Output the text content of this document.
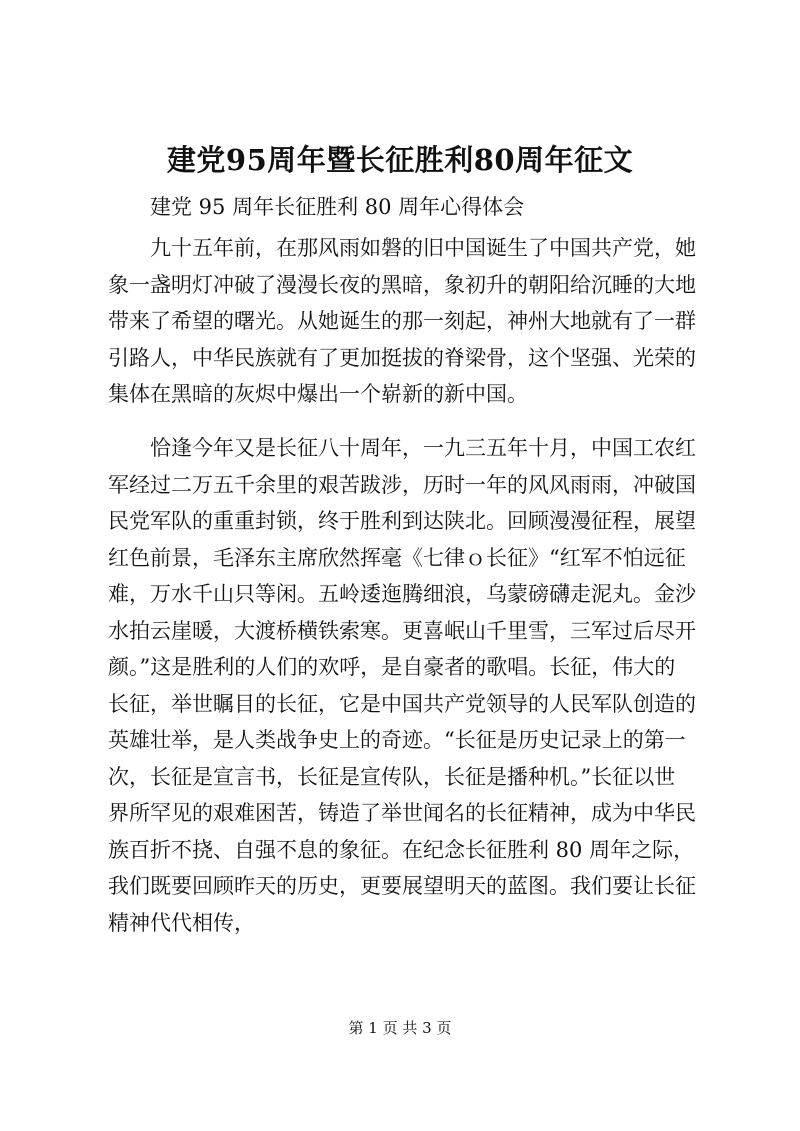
建党95周年暨长征胜利80周年征文

建党 95 周年长征胜利 80 周年心得体会

　　九十五年前，在那风雨如磐的旧中国诞生了中国共产党，她
象一盏明灯冲破了漫漫长夜的黑暗，象初升的朝阳给沉睡的大地
带来了希望的曙光。从她诞生的那一刻起，神州大地就有了一群
引路人，中华民族就有了更加挺拔的脊梁骨，这个坚强、光荣的
集体在黑暗的灰烬中爆出一个崭新的新中国。

　　恰逢今年又是长征八十周年，一九三五年十月，中国工农红
军经过二万五千余里的艰苦跋涉，历时一年的风风雨雨，冲破国
民党军队的重重封锁，终于胜利到达陕北。回顾漫漫征程，展望
红色前景，毛泽东主席欣然挥毫《七律ｏ长征》“红军不怕远征
难，万水千山只等闲。五岭逶迤腾细浪，乌蒙磅礴走泥丸。金沙
水拍云崖暖，大渡桥横铁索寒。更喜岷山千里雪，三军过后尽开
颜。”这是胜利的人们的欢呼，是自豪者的歌唱。长征，伟大的
长征，举世瞩目的长征，它是中国共产党领导的人民军队创造的
英雄壮举，是人类战争史上的奇迹。“长征是历史记录上的第一
次，长征是宣言书，长征是宣传队，长征是播种机。”长征以世
界所罕见的艰难困苦，铸造了举世闻名的长征精神，成为中华民
族百折不挠、自强不息的象征。在纪念长征胜利 80 周年之际，
我们既要回顾昨天的历史，更要展望明天的蓝图。我们要让长征
精神代代相传，

第 1 页 共 3 页
